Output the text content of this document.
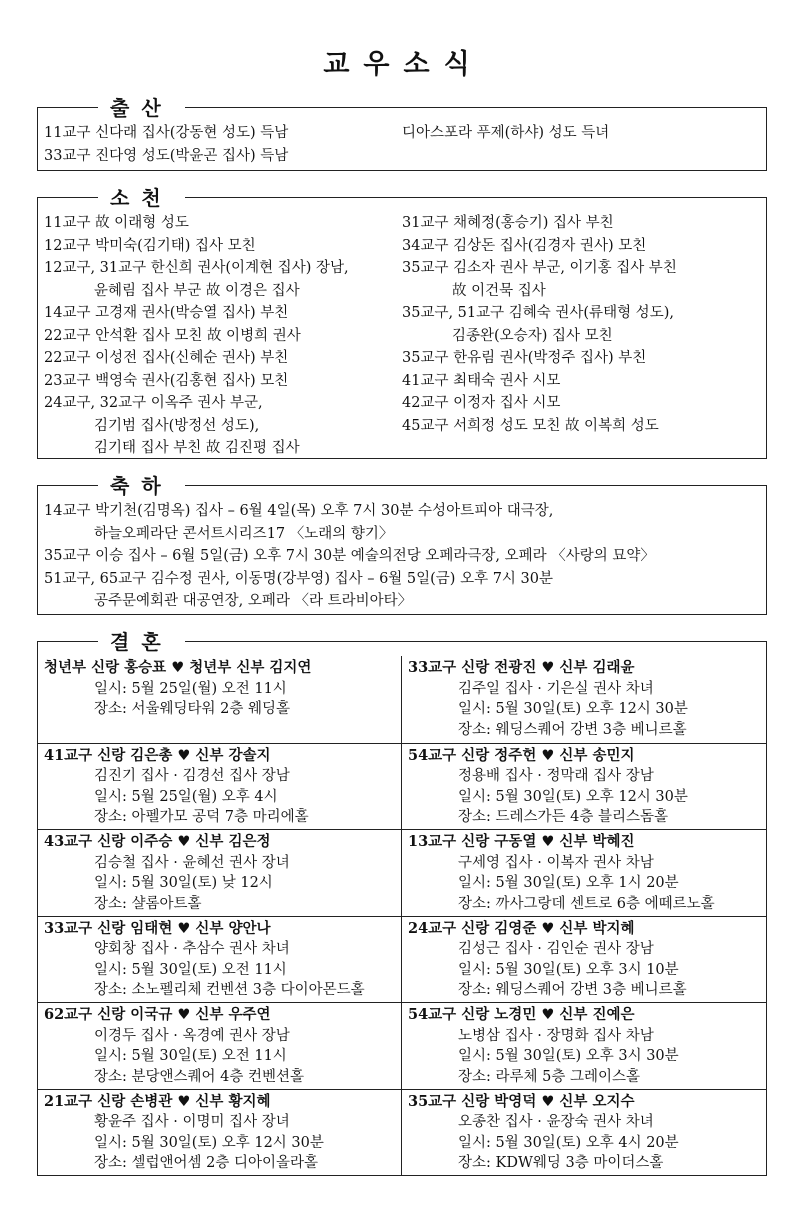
교우소식
출산
11교구 신다래 집사(강동현 성도) 득남
33교구 진다영 성도(박윤곤 집사) 득남
디아스포라 푸제(하샤) 성도 득녀
소천
11교구 故 이래형 성도
12교구 박미숙(김기태) 집사 모친
12교구, 31교구 한신희 권사(이계현 집사) 장남,
윤혜림 집사 부군 故 이경은 집사
14교구 고경재 권사(박승열 집사) 부친
22교구 안석환 집사 모친 故 이병희 권사
22교구 이성전 집사(신혜순 권사) 부친
23교구 백영숙 권사(김홍현 집사) 모친
24교구, 32교구 이옥주 권사 부군,
김기범 집사(방정선 성도),
김기태 집사 부친 故 김진평 집사
31교구 채혜정(홍승기) 집사 부친
34교구 김상돈 집사(김경자 권사) 모친
35교구 김소자 권사 부군, 이기홍 집사 부친
故 이건묵 집사
35교구, 51교구 김혜숙 권사(류태형 성도),
김종완(오승자) 집사 모친
35교구 한유림 권사(박정주 집사) 부친
41교구 최태숙 권사 시모
42교구 이정자 집사 시모
45교구 서희정 성도 모친 故 이복희 성도
축하
14교구 박기천(김명옥) 집사 – 6월 4일(목) 오후 7시 30분 수성아트피아 대극장,
하늘오페라단 콘서트시리즈17 〈노래의 향기〉
35교구 이승 집사 – 6월 5일(금) 오후 7시 30분 예술의전당 오페라극장, 오페라 〈사랑의 묘약〉
51교구, 65교구 김수정 권사, 이동명(강부영) 집사 – 6월 5일(금) 오후 7시 30분
공주문예회관 대공연장, 오페라 〈라 트라비아타〉
결혼
청년부 신랑 홍승표 ♥ 청년부 신부 김지연
일시: 5월 25일(월) 오전 11시
장소: 서울웨딩타워 2층 웨딩홀
33교구 신랑 전광진 ♥ 신부 김래윤
김주일 집사 · 기은실 권사 차녀
일시: 5월 30일(토) 오후 12시 30분
장소: 웨딩스퀘어 강변 3층 베니르홀
41교구 신랑 김은총 ♥ 신부 강솔지
김진기 집사 · 김경선 집사 장남
일시: 5월 25일(월) 오후 4시
장소: 아펠가모 공덕 7층 마리에홀
54교구 신랑 정주헌 ♥ 신부 송민지
정용배 집사 · 정막래 집사 장남
일시: 5월 30일(토) 오후 12시 30분
장소: 드레스가든 4층 블리스돔홀
43교구 신랑 이주승 ♥ 신부 김은정
김승철 집사 · 윤혜선 권사 장녀
일시: 5월 30일(토) 낮 12시
장소: 샬롬아트홀
13교구 신랑 구동열 ♥ 신부 박혜진
구세영 집사 · 이복자 권사 차남
일시: 5월 30일(토) 오후 1시 20분
장소: 까사그랑데 센트로 6층 에떼르노홀
33교구 신랑 임태현 ♥ 신부 양안나
양회창 집사 · 추삼수 권사 차녀
일시: 5월 30일(토) 오전 11시
장소: 소노펠리체 컨벤션 3층 다이아몬드홀
24교구 신랑 김영준 ♥ 신부 박지혜
김성근 집사 · 김인순 권사 장남
일시: 5월 30일(토) 오후 3시 10분
장소: 웨딩스퀘어 강변 3층 베니르홀
62교구 신랑 이국규 ♥ 신부 우주연
이경두 집사 · 옥경예 권사 장남
일시: 5월 30일(토) 오전 11시
장소: 분당앤스퀘어 4층 컨벤션홀
54교구 신랑 노경민 ♥ 신부 진예은
노병삼 집사 · 장명화 집사 차남
일시: 5월 30일(토) 오후 3시 30분
장소: 라루체 5층 그레이스홀
21교구 신랑 손병관 ♥ 신부 황지혜
황윤주 집사 · 이명미 집사 장녀
일시: 5월 30일(토) 오후 12시 30분
장소: 셀럽앤어셈 2층 디아이올라홀
35교구 신랑 박영덕 ♥ 신부 오지수
오종찬 집사 · 윤장숙 권사 차녀
일시: 5월 30일(토) 오후 4시 20분
장소: KDW웨딩 3층 마이더스홀
